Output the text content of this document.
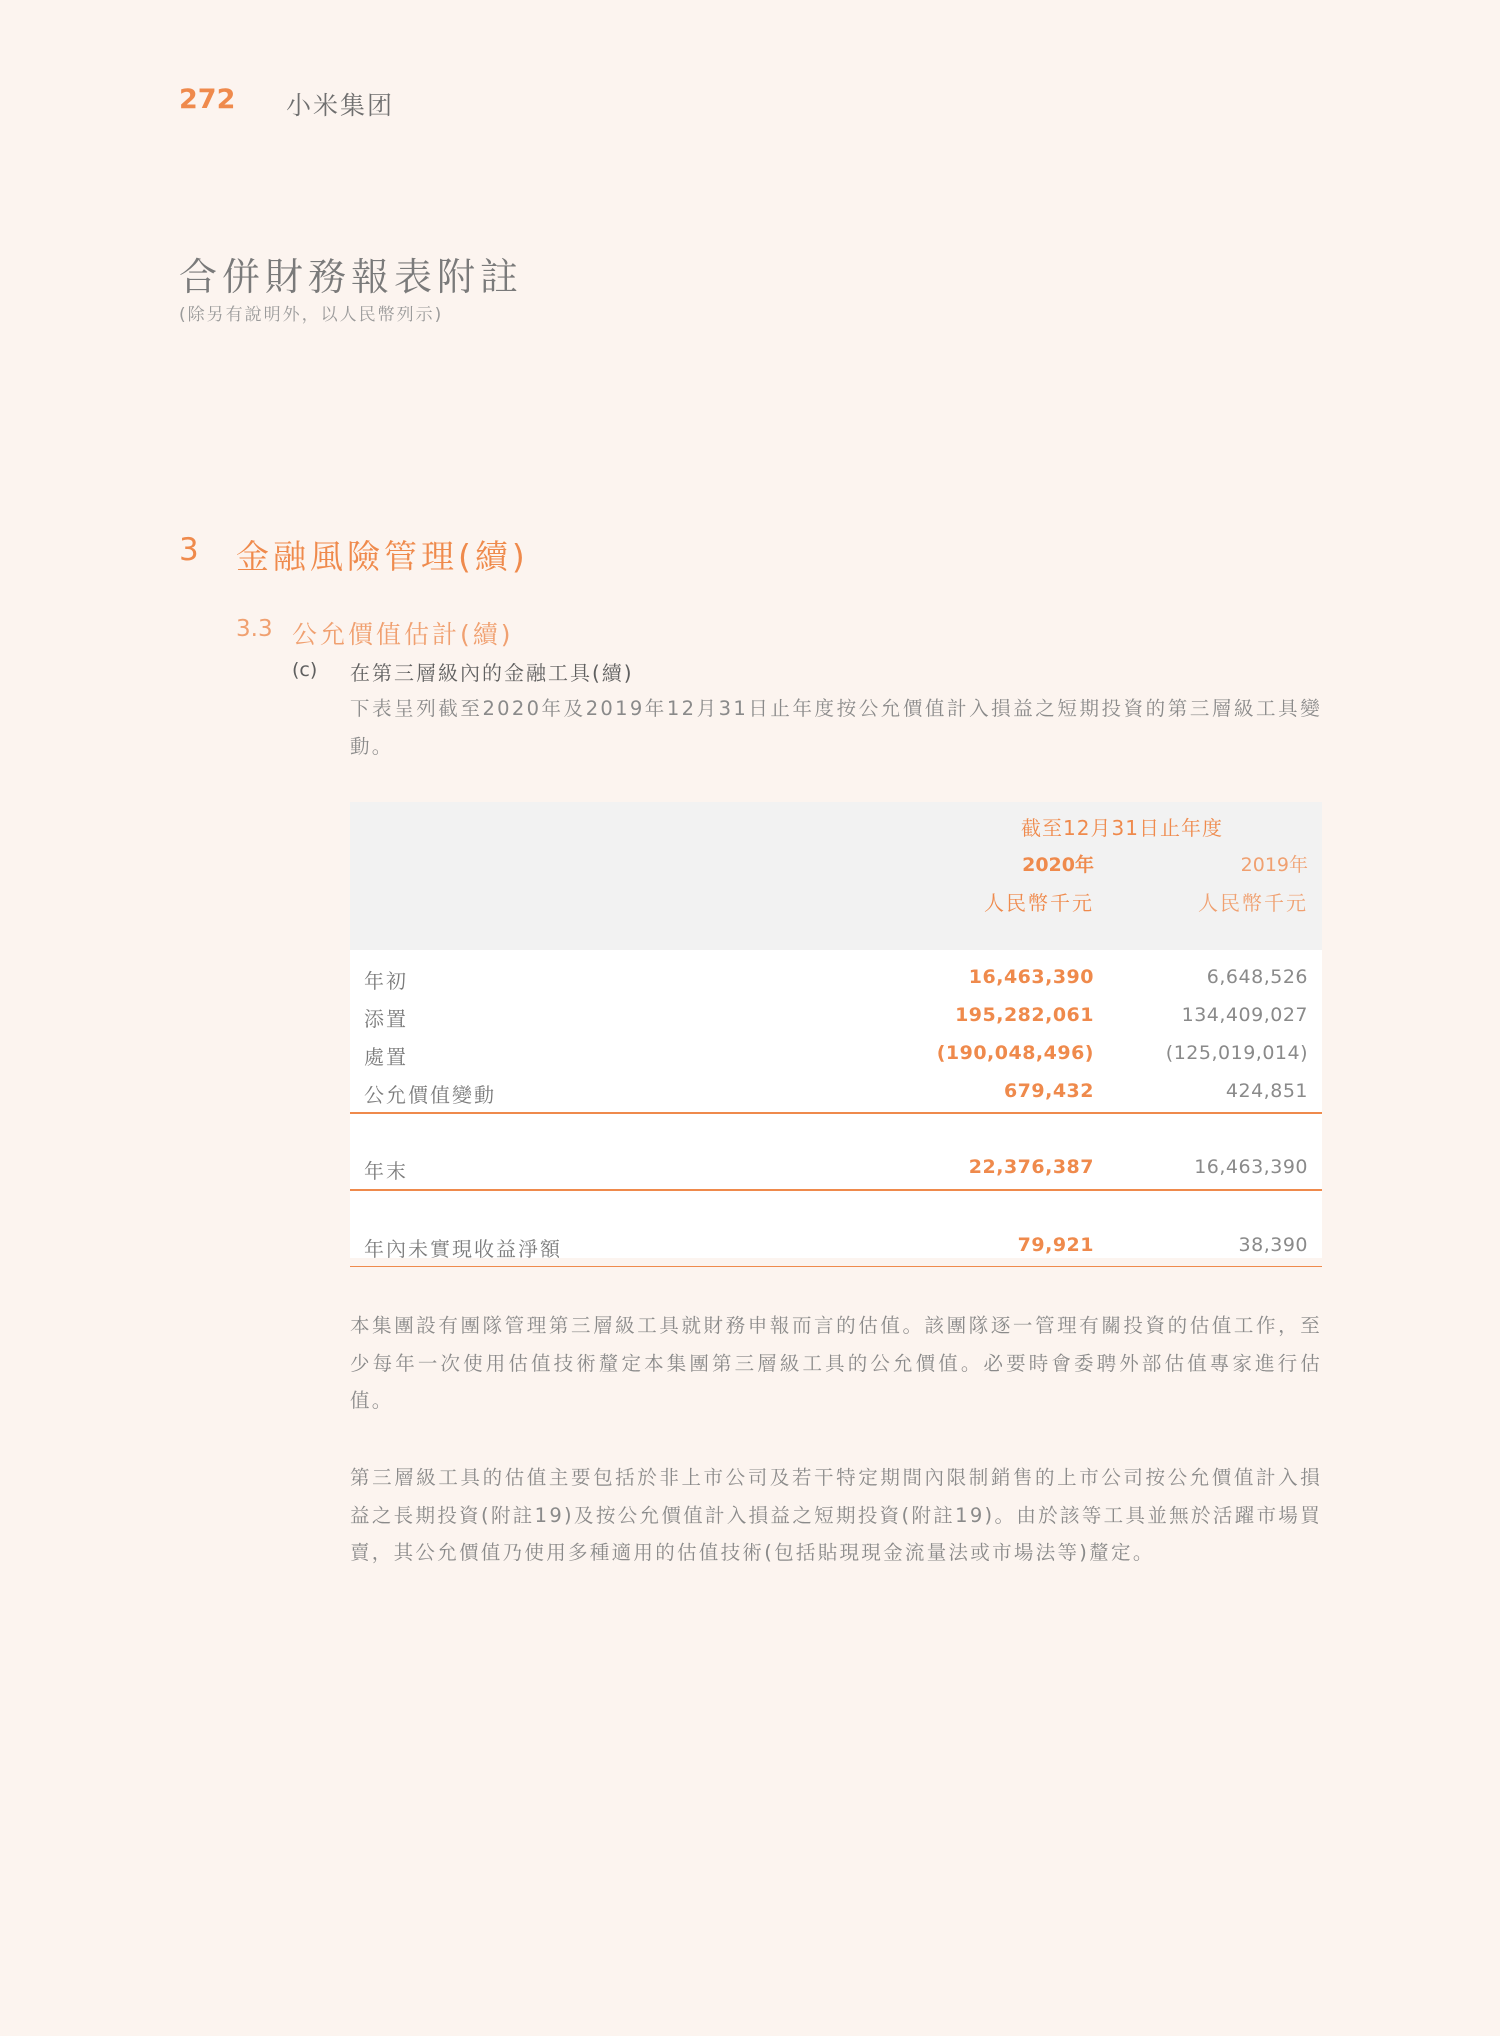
272 小米集团
合併財務報表附註
(除另有說明外，以人民幣列示)
3 金融風險管理(續)
3.3 公允價值估計(續)
(c) 在第三層級內的金融工具(續)
下表呈列截至2020年及2019年12月31日止年度按公允價值計入損益之短期投資的第三層級工具變動。
截至12月31日止年度
2020年	2019年
人民幣千元	人民幣千元
年初	16,463,390	6,648,526
添置	195,282,061	134,409,027
處置	(190,048,496)	(125,019,014)
公允價值變動	679,432	424,851
年末	22,376,387	16,463,390
年內未實現收益淨額	79,921	38,390
本集團設有團隊管理第三層級工具就財務申報而言的估值。該團隊逐一管理有關投資的估值工作，至少每年一次使用估值技術釐定本集團第三層級工具的公允價值。必要時會委聘外部估值專家進行估值。
第三層級工具的估值主要包括於非上市公司及若干特定期間內限制銷售的上市公司按公允價值計入損益之長期投資(附註19)及按公允價值計入損益之短期投資(附註19)。由於該等工具並無於活躍市場買賣，其公允價值乃使用多種適用的估值技術(包括貼現現金流量法或市場法等)釐定。
